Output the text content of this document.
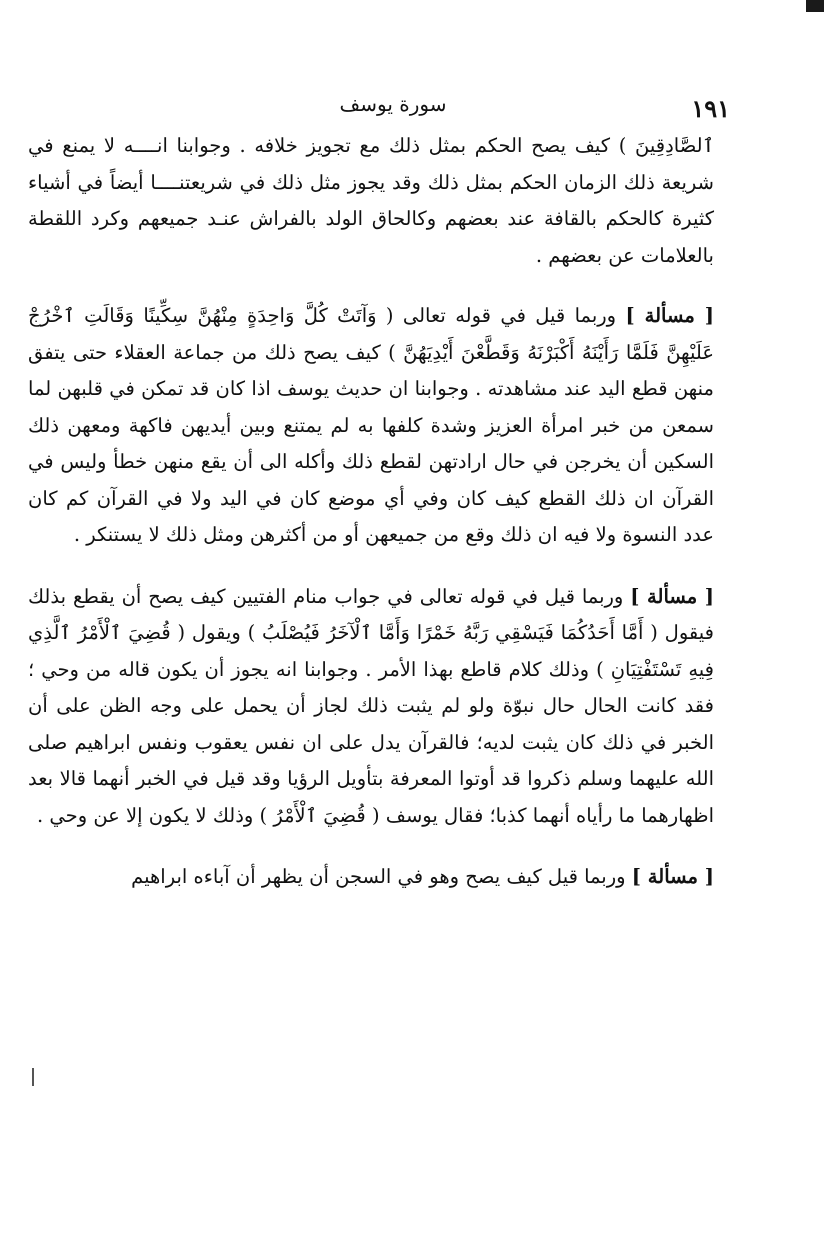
١٩١
سورة يوسف

ٱلصَّادِقِينَ ) كيف يصح الحكم بمثل ذلك مع تجويز خلافه . وجوابنا انــــه لا يمنع في شريعة ذلك الزمان الحكم بمثل ذلك وقد يجوز مثل ذلك في شريعتنــــا أيضاً في أشياء كثيرة كالحكم بالقافة عند بعضهم وكالحاق الولد بالفراش عنـد جميعهم وكرد اللقطة بالعلامات عن بعضهم .

[ مسألة ] وربما قيل في قوله تعالى ( وَآتَتْ كُلَّ وَاحِدَةٍ مِنْهُنَّ سِكِّينًا وَقَالَتِ ٱخْرُجْ عَلَيْهِنَّ فَلَمَّا رَأَيْنَهُ أَكْبَرْنَهُ وَقَطَّعْنَ أَيْدِيَهُنَّ ) كيف يصح ذلك من جماعة العقلاء حتى يتفق منهن قطع اليد عند مشاهدته . وجوابنا ان حديث يوسف اذا كان قد تمكن في قلبهن لما سمعن من خبر امرأة العزيز وشدة كلفها به لم يمتنع وبين أيديهن فاكهة ومعهن ذلك السكين أن يخرجن في حال ارادتهن لقطع ذلك وأكله الى أن يقع منهن خطأ وليس في القرآن ان ذلك القطع كيف كان وفي أي موضع كان في اليد ولا في القرآن كم كان عدد النسوة ولا فيه ان ذلك وقع من جميعهن أو من أكثرهن ومثل ذلك لا يستنكر .

[ مسألة ] وربما قيل في قوله تعالى في جواب منام الفتيين كيف يصح أن يقطع بذلك فيقول ( أَمَّا أَحَدُكُمَا فَيَسْقِي رَبَّهُ خَمْرًا وَأَمَّا ٱلْآخَرُ فَيُصْلَبُ ) ويقول ( قُضِيَ ٱلْأَمْرُ ٱلَّذِي فِيهِ تَسْتَفْتِيَانِ ) وذلك كلام قاطع بهذا الأمر . وجوابنا انه يجوز أن يكون قاله من وحي ؛ فقد كانت الحال حال نبوّة ولو لم يثبت ذلك لجاز أن يحمل على وجه الظن على أن الخبر في ذلك كان يثبت لديه؛ فالقرآن يدل على ان نفس يعقوب ونفس ابراهيم صلى الله عليهما وسلم ذكروا قد أوتوا المعرفة بتأويل الرؤيا وقد قيل في الخبر أنهما قالا بعد اظهارهما ما رأياه أنهما كذبا؛ فقال يوسف ( قُضِيَ ٱلْأَمْرُ ) وذلك لا يكون إلا عن وحي .

[ مسألة ] وربما قيل كيف يصح وهو في السجن أن يظهر أن آباءه ابراهيم
